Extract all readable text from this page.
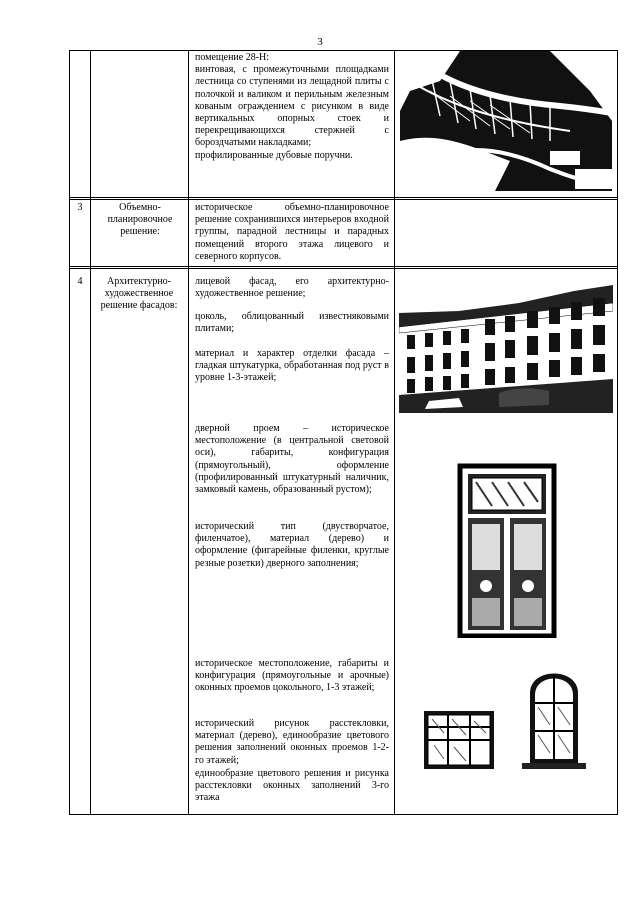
3

помещение 28-Н:

винтовая, с промежуточными площадками лестница со ступенями из лещадной плиты с полочкой и валиком и перильным железным кованым ограждением с рисунком в виде вертикальных опорных стоек и перекрещивающихся стержней с бороздчатыми накладками;

профилированные дубовые поручни.

3	Объемно-планировочное решение:

историческое объемно-планировочное решение сохранившихся интерьеров входной группы, парадной лестницы и парадных помещений второго этажа лицевого и северного корпусов.

4	Архитектурно-художественное решение фасадов:
лицевой фасад, его архитектурно-художественное решение;
цоколь, облицованный известняковыми плитами;
материал и характер отделки фасада – гладкая штукатурка, обработанная под руст в уровне 1-3-этажей;
дверной проем – историческое местоположение (в центральной световой оси), габариты, конфигурация (прямоугольный), оформление (профилированный штукатурный наличник, замковый камень, образованный рустом);
исторический тип (двустворчатое, филенчатое), материал (дерево) и оформление (фигарейные филенки, круглые резные розетки) дверного заполнения;
историческое местоположение, габариты и конфигурация (прямоугольные и арочные) оконных проемов цокольного, 1-3 этажей;
исторический рисунок расстекловки, материал (дерево), единообразие цветового решения заполнений оконных проемов 1-2-го этажей;
единообразие цветового решения и рисунка расстекловки оконных заполнений 3-го этажа
